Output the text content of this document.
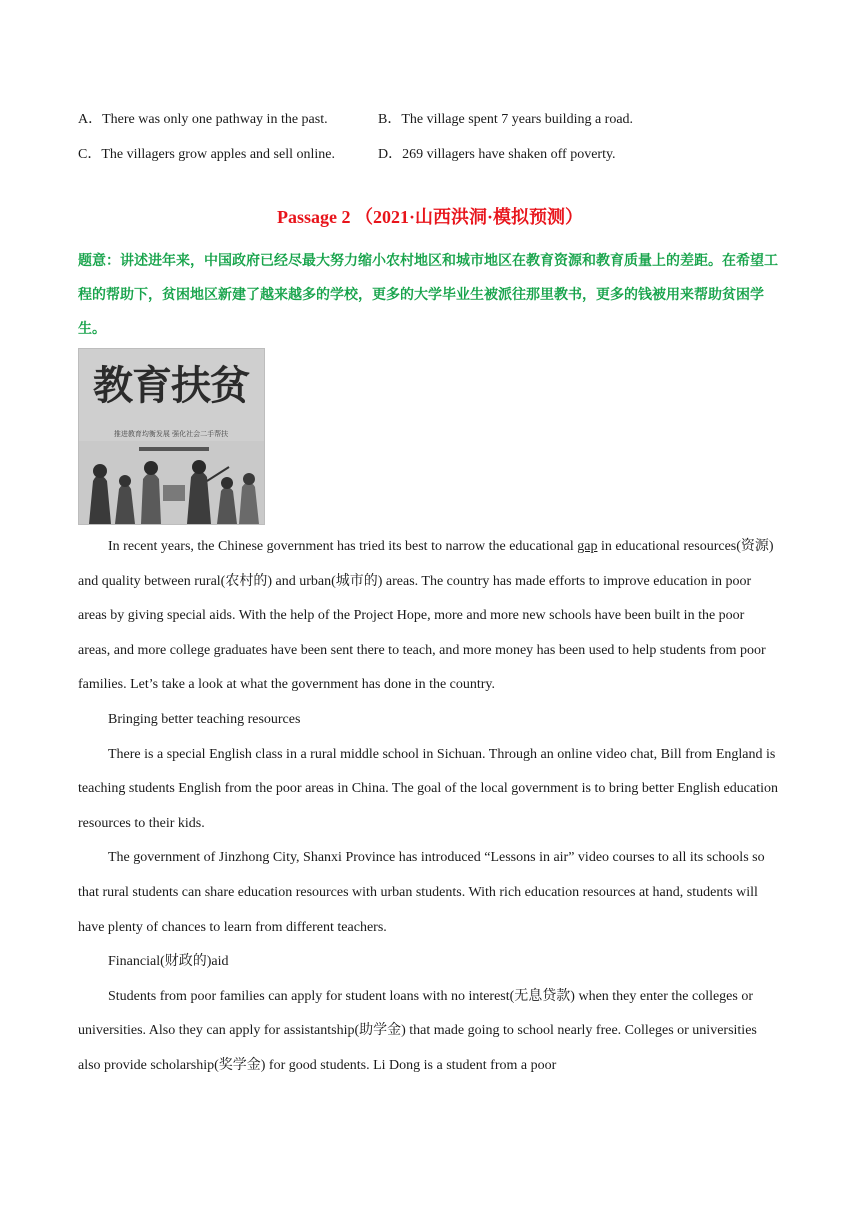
A．There was only one pathway in the past.	B．The village spent 7 years building a road.
C．The villagers grow apples and sell online.	D．269 villagers have shaken off poverty.
Passage 2 （2021·山西洪洞·模拟预测）
题意：讲述进年来，中国政府已经尽最大努力缩小农村地区和城市地区在教育资源和教育质量上的差距。在希望工程的帮助下，贫困地区新建了越来越多的学校，更多的大学毕业生被派往那里教书，更多的钱被用来帮助贫困学生。
教育扶贫
推进教育均衡发展 强化社会二手帮扶

In recent years, the Chinese government has tried its best to narrow the educational gap in educational resources(资源) and quality between rural(农村的) and urban(城市的) areas. The country has made efforts to improve education in poor areas by giving special aids. With the help of the Project Hope, more and more new schools have been built in the poor areas, and more college graduates have been sent there to teach, and more money has been used to help students from poor families. Let’s take a look at what the government has done in the country.

Bringing better teaching resources

There is a special English class in a rural middle school in Sichuan. Through an online video chat, Bill from England is teaching students English from the poor areas in China. The goal of the local government is to bring better English education resources to their kids.

The government of Jinzhong City, Shanxi Province has introduced “Lessons in air” video courses to all its schools so that rural students can share education resources with urban students. With rich education resources at hand, students will have plenty of chances to learn from different teachers.

Financial(财政的)aid

Students from poor families can apply for student loans with no interest(无息贷款) when they enter the colleges or universities. Also they can apply for assistantship(助学金) that made going to school nearly free. Colleges or universities also provide scholarship(奖学金) for good students. Li Dong is a student from a poor
